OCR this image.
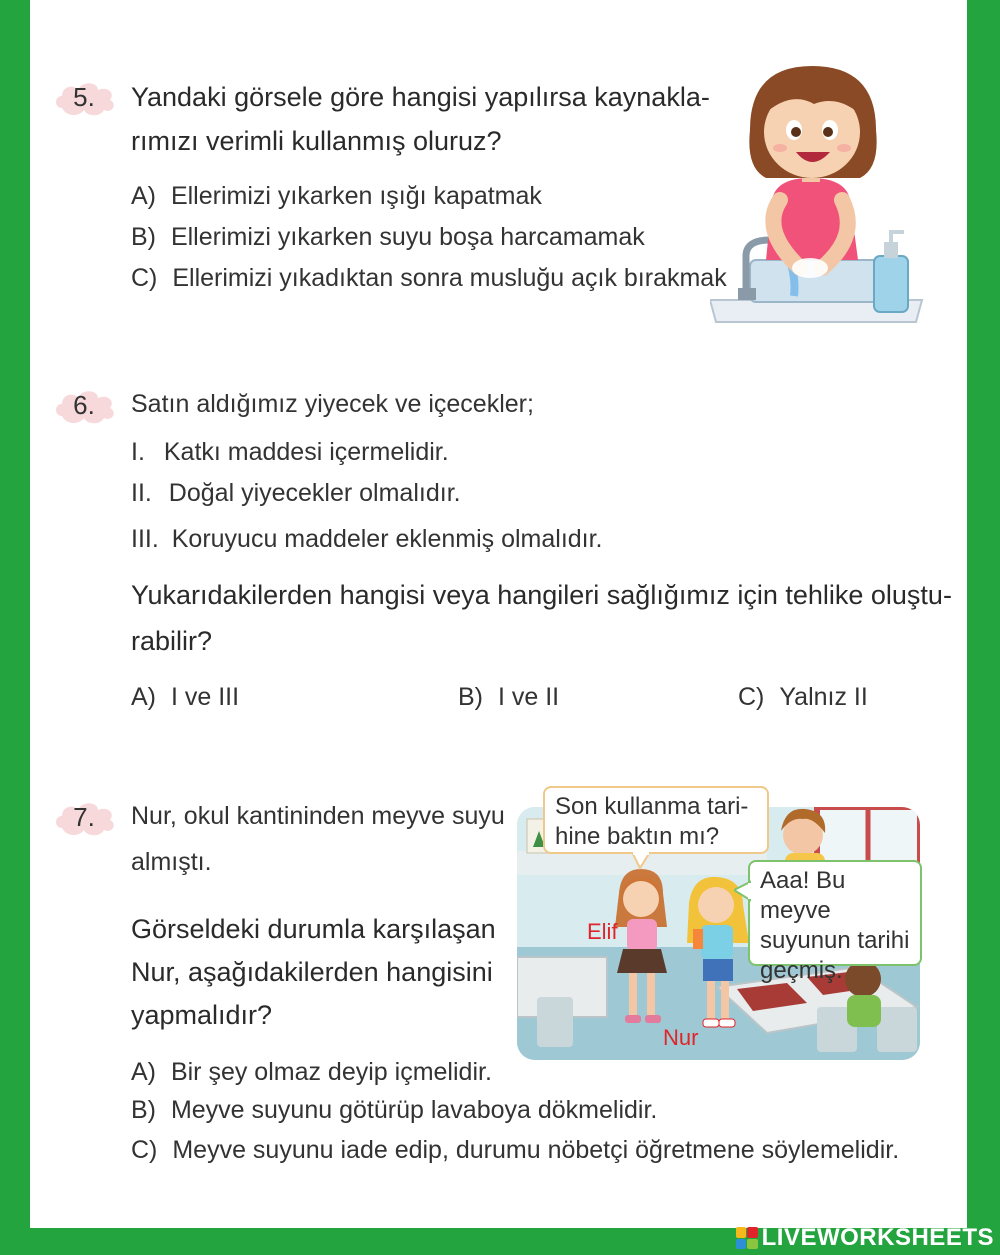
5.	Yandaki görsele göre hangisi yapılırsa kaynakla-
rımızı verimli kullanmış oluruz?
A) Ellerimizi yıkarken ışığı kapatmak
B) Ellerimizi yıkarken suyu boşa harcamamak
C) Ellerimizi yıkadıktan sonra musluğu açık bırakmak
6.	Satın aldığımız yiyecek ve içecekler;
I. Katkı maddesi içermelidir.
II. Doğal yiyecekler olmalıdır.
III. Koruyucu maddeler eklenmiş olmalıdır.
Yukarıdakilerden hangisi veya hangileri sağlığımız için tehlike oluştu-
rabilir?
A) I ve III	B) I ve II	C) Yalnız II
7.	Nur, okul kantininden meyve suyu
almıştı.
Görseldeki durumla karşılaşan
Nur, aşağıdakilerden hangisini
yapmalıdır?
Elif
Nur
Son kullanma tari-
hine baktın mı?
Aaa! Bu meyve
suyunun tarihi
geçmiş.
A) Bir şey olmaz deyip içmelidir.
B) Meyve suyunu götürüp lavaboya dökmelidir.
C) Meyve suyunu iade edip, durumu nöbetçi öğretmene söylemelidir.
LIVEWORKSHEETS
